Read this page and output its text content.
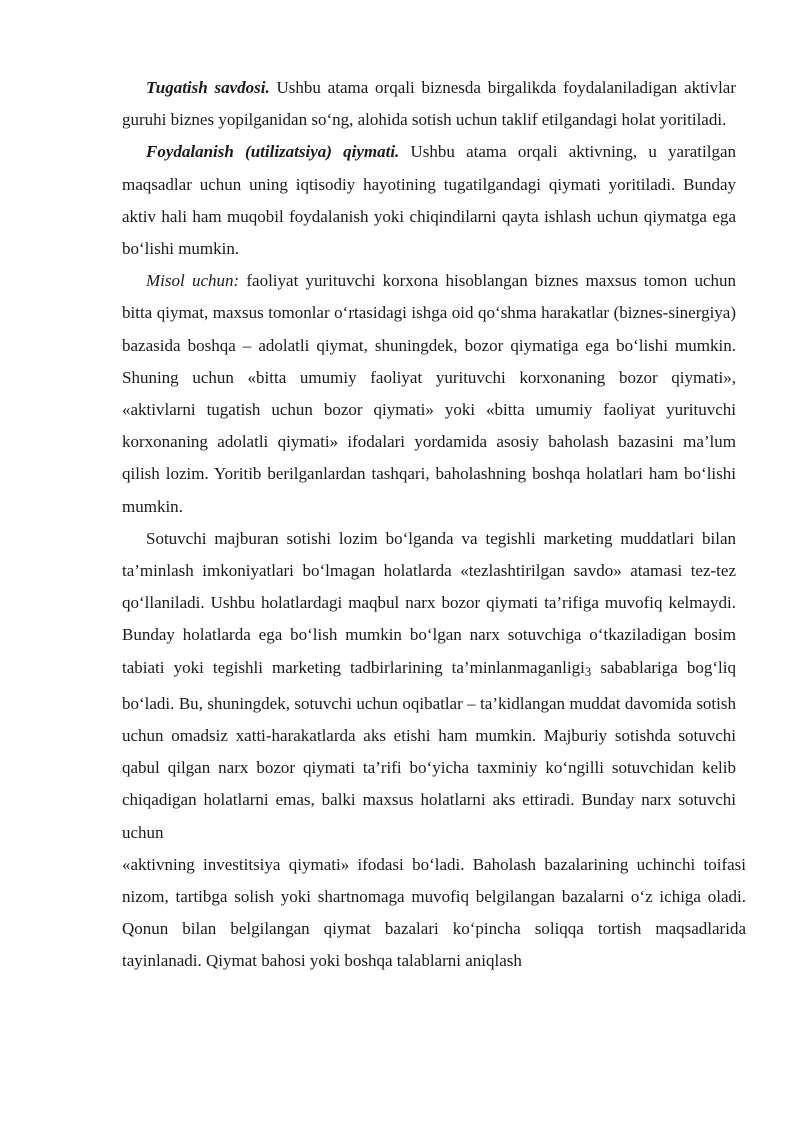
Tugatish savdosi. Ushbu atama orqali biznesda birgalikda foydalaniladigan aktivlar guruhi biznes yopilganidan so‘ng, alohida sotish uchun taklif etilgandagi holat yoritiladi.

Foydalanish (utilizatsiya) qiymati. Ushbu atama orqali aktivning, u yaratilgan maqsadlar uchun uning iqtisodiy hayotining tugatilgandagi qiymati yoritiladi. Bunday aktiv hali ham muqobil foydalanish yoki chiqindilarni qayta ishlash uchun qiymatga ega bo‘lishi mumkin.

Misol uchun: faoliyat yurituvchi korxona hisoblangan biznes maxsus tomon uchun bitta qiymat, maxsus tomonlar o‘rtasidagi ishga oid qo‘shma harakatlar (biznes-sinergiya) bazasida boshqa – adolatli qiymat, shuningdek, bozor qiymatiga ega bo‘lishi mumkin. Shuning uchun «bitta umumiy faoliyat yurituvchi korxonaning bozor qiymati», «aktivlarni tugatish uchun bozor qiymati» yoki «bitta umumiy faoliyat yurituvchi korxonaning adolatli qiymati» ifodalari yordamida asosiy baholash bazasini ma’lum qilish lozim. Yoritib berilganlardan tashqari, baholashning boshqa holatlari ham bo‘lishi mumkin.

Sotuvchi majburan sotishi lozim bo‘lganda va tegishli marketing muddatlari bilan ta’minlash imkoniyatlari bo‘lmagan holatlarda «tezlashtirilgan savdo» atamasi tez-tez qo‘llaniladi. Ushbu holatlardagi maqbul narx bozor qiymati ta’rifiga muvofiq kelmaydi. Bunday holatlarda ega bo‘lish mumkin bo‘lgan narx sotuvchiga o‘tkaziladigan bosim tabiati yoki tegishli marketing tadbirlarining ta’minlanmaganligi3 sabablariga bog‘liq bo‘ladi. Bu, shuningdek, sotuvchi uchun oqibatlar – ta’kidlangan muddat davomida sotish uchun omadsiz xatti-harakatlarda aks etishi ham mumkin. Majburiy sotishda sotuvchi qabul qilgan narx bozor qiymati ta’rifi bo‘yicha taxminiy ko‘ngilli sotuvchidan kelib chiqadigan holatlarni emas, balki maxsus holatlarni aks ettiradi. Bunday narx sotuvchi uchun

«aktivning investitsiya qiymati» ifodasi bo‘ladi. Baholash bazalarining uchinchi toifasi nizom, tartibga solish yoki shartnomaga muvofiq belgilangan bazalarni o‘z ichiga oladi. Qonun bilan belgilangan qiymat bazalari ko‘pincha soliqqa tortish maqsadlarida tayinlanadi. Qiymat bahosi yoki boshqa talablarni aniqlash
